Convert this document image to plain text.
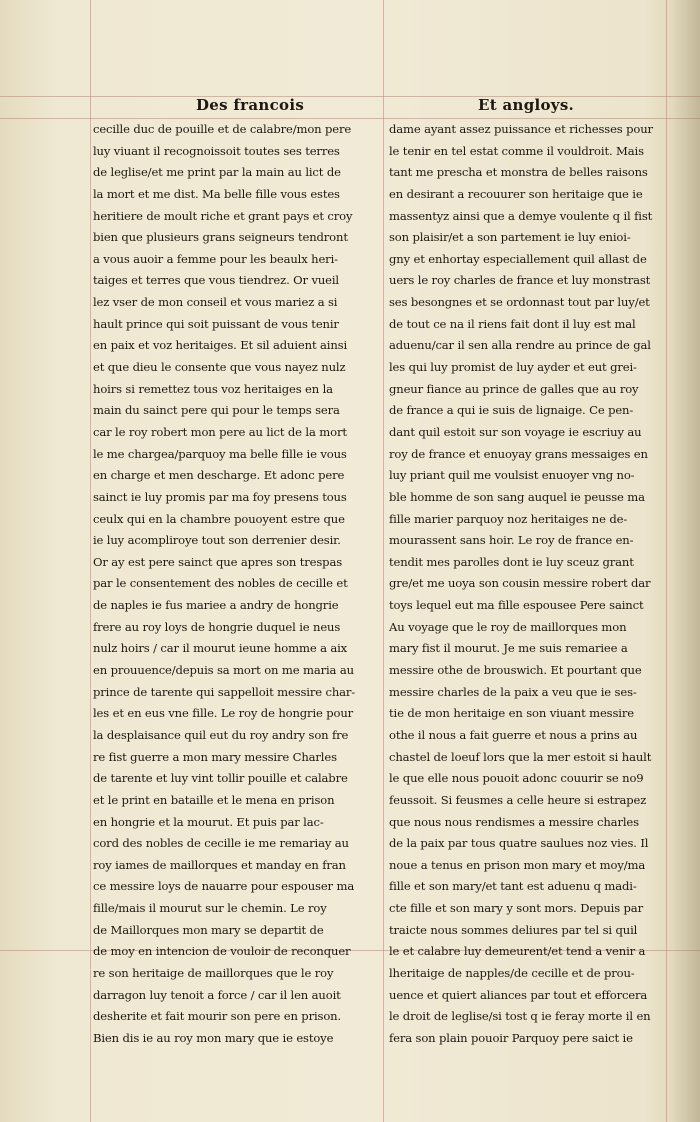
Des francois	Et angloys.
cecille duc de pouille et de calabre/mon pere
luy viuant il recognoissoit toutes ses terres
de leglise/et me print par la main au lict de
la mort et me dist. Ma belle fille vous estes
heritiere de moult riche et grant pays et croy
bien que plusieurs grans seigneurs tendront
a vous auoir a femme pour les beaulx heri-
taiges et terres que vous tiendrez. Or vueil
lez vser de mon conseil et vous mariez a si
hault prince qui soit puissant de vous tenir
en paix et voz heritaiges. Et sil aduient ainsi
et que dieu le consente que vous nayez nulz
hoirs si remettez tous voz heritaiges en la
main du sainct pere qui pour le temps sera
car le roy robert mon pere au lict de la mort
le me chargea/parquoy ma belle fille ie vous
en charge et men descharge. Et adonc pere
sainct ie luy promis par ma foy presens tous
ceulx qui en la chambre pouoyent estre que
ie luy acompliroye tout son derrenier desir.
Or ay est pere sainct que apres son trespas
par le consentement des nobles de cecille et
de naples ie fus mariee a andry de hongrie
frere au roy loys de hongrie duquel ie neus
nulz hoirs / car il mourut ieune homme a aix
en prouuence/depuis sa mort on me maria au
prince de tarente qui sappelloit messire char-
les et en eus vne fille. Le roy de hongrie pour
la desplaisance quil eut du roy andry son fre
re fist guerre a mon mary messire Charles
de tarente et luy vint tollir pouille et calabre
et le print en bataille et le mena en prison
en hongrie et la mourut. Et puis par lac-
cord des nobles de cecille ie me remariay au
roy iames de maillorques et manday en fran
ce messire loys de nauarre pour espouser ma
fille/mais il mourut sur le chemin. Le roy
de Maillorques mon mary se departit de
de moy en intencion de vouloir de reconquer
re son heritaige de maillorques que le roy
darragon luy tenoit a force / car il len auoit
desherite et fait mourir son pere en prison.
Bien dis ie au roy mon mary que ie estoye
dame ayant assez puissance et richesses pour
le tenir en tel estat comme il vouldroit. Mais
tant me prescha et monstra de belles raisons
en desirant a recouurer son heritaige que ie
massentyz ainsi que a demye voulente q il fist
son plaisir/et a son partement ie luy enioi-
gny et enhortay especiallement quil allast de
uers le roy charles de france et luy monstrast
ses besongnes et se ordonnast tout par luy/et
de tout ce na il riens fait dont il luy est mal
aduenu/car il sen alla rendre au prince de gal
les qui luy promist de luy ayder et eut grei-
gneur fiance au prince de galles que au roy
de france a qui ie suis de lignaige. Ce pen-
dant quil estoit sur son voyage ie escriuy au
roy de france et enuoyay grans messaiges en
luy priant quil me voulsist enuoyer vng no-
ble homme de son sang auquel ie peusse ma
fille marier parquoy noz heritaiges ne de-
mourassent sans hoir. Le roy de france en-
tendit mes parolles dont ie luy sceuz grant
gre/et me uoya son cousin messire robert dar
toys lequel eut ma fille espousee Pere sainct
Au voyage que le roy de maillorques mon
mary fist il mourut. Je me suis remariee a
messire othe de brouswich. Et pourtant que
messire charles de la paix a veu que ie ses-
tie de mon heritaige en son viuant messire
othe il nous a fait guerre et nous a prins au
chastel de loeuf lors que la mer estoit si hault
le que elle nous pouoit adonc couurir se no9
feussoit. Si feusmes a celle heure si estrapez
que nous nous rendismes a messire charles
de la paix par tous quatre saulues noz vies. Il
noue a tenus en prison mon mary et moy/ma
fille et son mary/et tant est aduenu q madi-
cte fille et son mary y sont mors. Depuis par
traicte nous sommes deliures par tel si quil
le et calabre luy demeurent/et tend a venir a
lheritaige de napples/de cecille et de prou-
uence et quiert aliances par tout et efforcera
le droit de leglise/si tost q ie feray morte il en
fera son plain pouoir Parquoy pere saict ie
